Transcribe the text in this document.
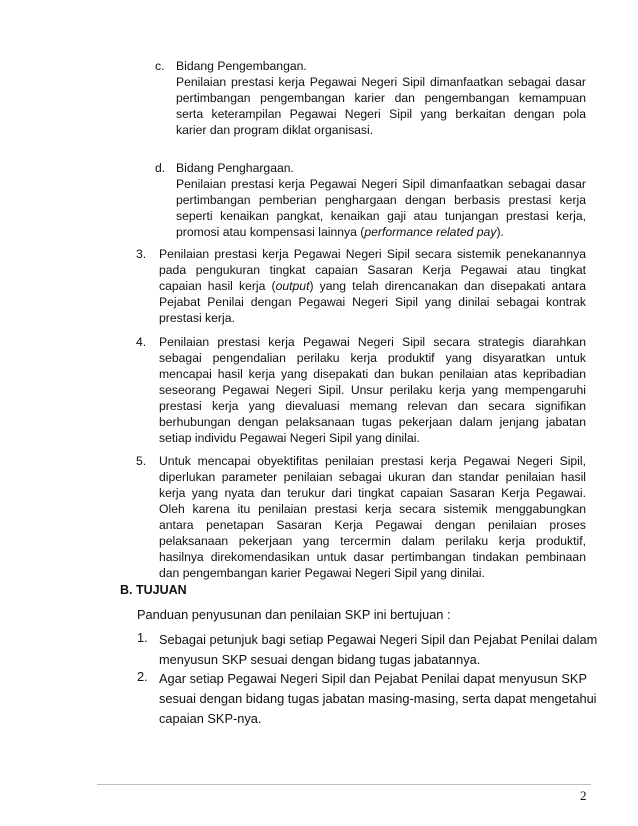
c. Bidang Pengembangan.
Penilaian prestasi kerja Pegawai Negeri Sipil dimanfaatkan sebagai dasar
pertimbangan pengembangan karier dan pengembangan kemampuan
serta keterampilan Pegawai Negeri Sipil yang berkaitan dengan pola
karier dan program diklat organisasi.
d. Bidang Penghargaan.
Penilaian prestasi kerja Pegawai Negeri Sipil dimanfaatkan sebagai dasar
pertimbangan pemberian penghargaan dengan berbasis prestasi kerja
seperti kenaikan pangkat, kenaikan gaji atau tunjangan prestasi kerja,
promosi atau kompensasi lainnya (performance related pay).
3. Penilaian prestasi kerja Pegawai Negeri Sipil secara sistemik penekanannya
pada pengukuran tingkat capaian Sasaran Kerja Pegawai atau tingkat
capaian hasil kerja (output) yang telah direncanakan dan disepakati antara
Pejabat Penilai dengan Pegawai Negeri Sipil yang dinilai sebagai kontrak
prestasi kerja.
4. Penilaian prestasi kerja Pegawai Negeri Sipil secara strategis diarahkan
sebagai pengendalian perilaku kerja produktif yang disyaratkan untuk
mencapai hasil kerja yang disepakati dan bukan penilaian atas kepribadian
seseorang Pegawai Negeri Sipil. Unsur perilaku kerja yang mempengaruhi
prestasi kerja yang dievaluasi memang relevan dan secara signifikan
berhubungan dengan pelaksanaan tugas pekerjaan dalam jenjang jabatan
setiap individu Pegawai Negeri Sipil yang dinilai.
5. Untuk mencapai obyektifitas penilaian prestasi kerja Pegawai Negeri Sipil,
diperlukan parameter penilaian sebagai ukuran dan standar penilaian hasil
kerja yang nyata dan terukur dari tingkat capaian Sasaran Kerja Pegawai.
Oleh karena itu penilaian prestasi kerja secara sistemik menggabungkan
antara penetapan Sasaran Kerja Pegawai dengan penilaian proses
pelaksanaan pekerjaan yang tercermin dalam perilaku kerja produktif,
hasilnya direkomendasikan untuk dasar pertimbangan tindakan pembinaan
dan pengembangan karier Pegawai Negeri Sipil yang dinilai.
B. TUJUAN
Panduan penyusunan dan penilaian SKP ini bertujuan :
1. Sebagai petunjuk bagi setiap Pegawai Negeri Sipil dan Pejabat Penilai dalam
menyusun SKP sesuai dengan bidang tugas jabatannya.
2. Agar setiap Pegawai Negeri Sipil dan Pejabat Penilai dapat menyusun SKP
sesuai dengan bidang tugas jabatan masing-masing, serta dapat mengetahui
capaian SKP-nya.
2
